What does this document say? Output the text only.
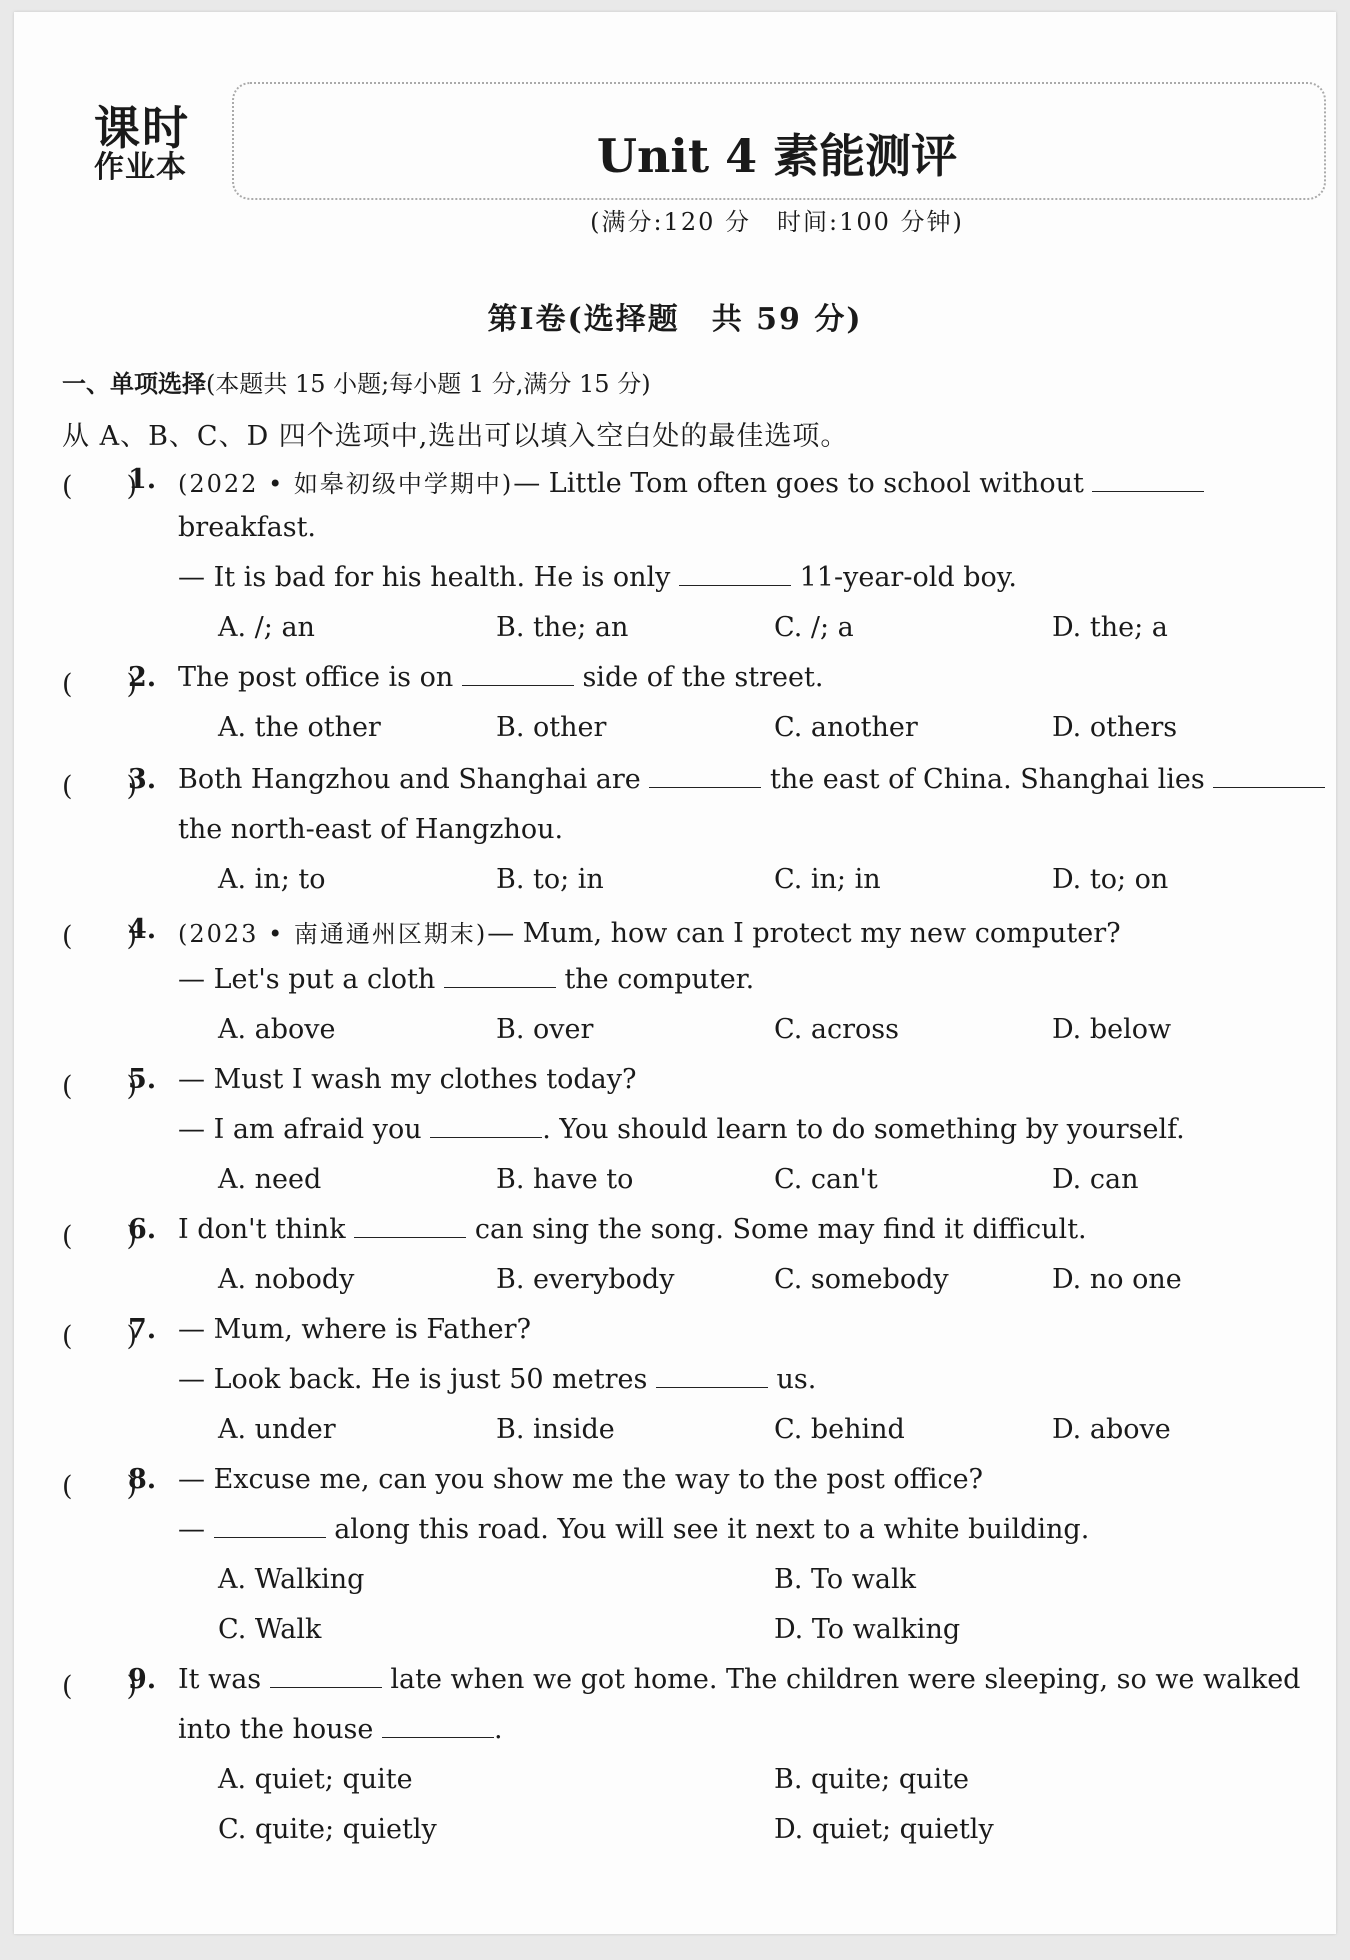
课时
作业本	Unit 4 素能测评
(满分:120 分　时间:100 分钟)
第Ⅰ卷(选择题　共 59 分)
一、单项选择(本题共 15 小题;每小题 1 分,满分 15 分)
从 A、B、C、D 四个选项中,选出可以填入空白处的最佳选项。
(　　)
1. (2022 • 如皋初级中学期中)— Little Tom often goes to school without
breakfast.
— It is bad for his health. He is only	11-year-old boy.
A. /; an	B. the; an	C. /; a	D. the; a
(　　)
2. The post office is on	side of the street.
A. the other	B. other	C. another	D. others
(　　)
3. Both Hangzhou and Shanghai are	the east of China. Shanghai lies
the north-east of Hangzhou.
A. in; to	B. to; in	C. in; in	D. to; on
(　　)
4. (2023 • 南通通州区期末)— Mum, how can I protect my new computer?
— Let's put a cloth	the computer.
A. above	B. over	C. across	D. below
(　　)
5. — Must I wash my clothes today?
— I am afraid you	. You should learn to do something by yourself.
A. need	B. have to	C. can't	D. can
(　　)
6. I don't think	can sing the song. Some may find it difficult.
A. nobody	B. everybody	C. somebody	D. no one
(　　)
7. — Mum, where is Father?
— Look back. He is just 50 metres	us.
A. under	B. inside	C. behind	D. above
(　　)
8. — Excuse me, can you show me the way to the post office?
—	along this road. You will see it next to a white building.
A. Walking	B. To walk
C. Walk	D. To walking
(　　)
9. It was	late when we got home. The children were sleeping, so we walked
into the house	.
A. quiet; quite	B. quite; quite
C. quite; quietly	D. quiet; quietly
